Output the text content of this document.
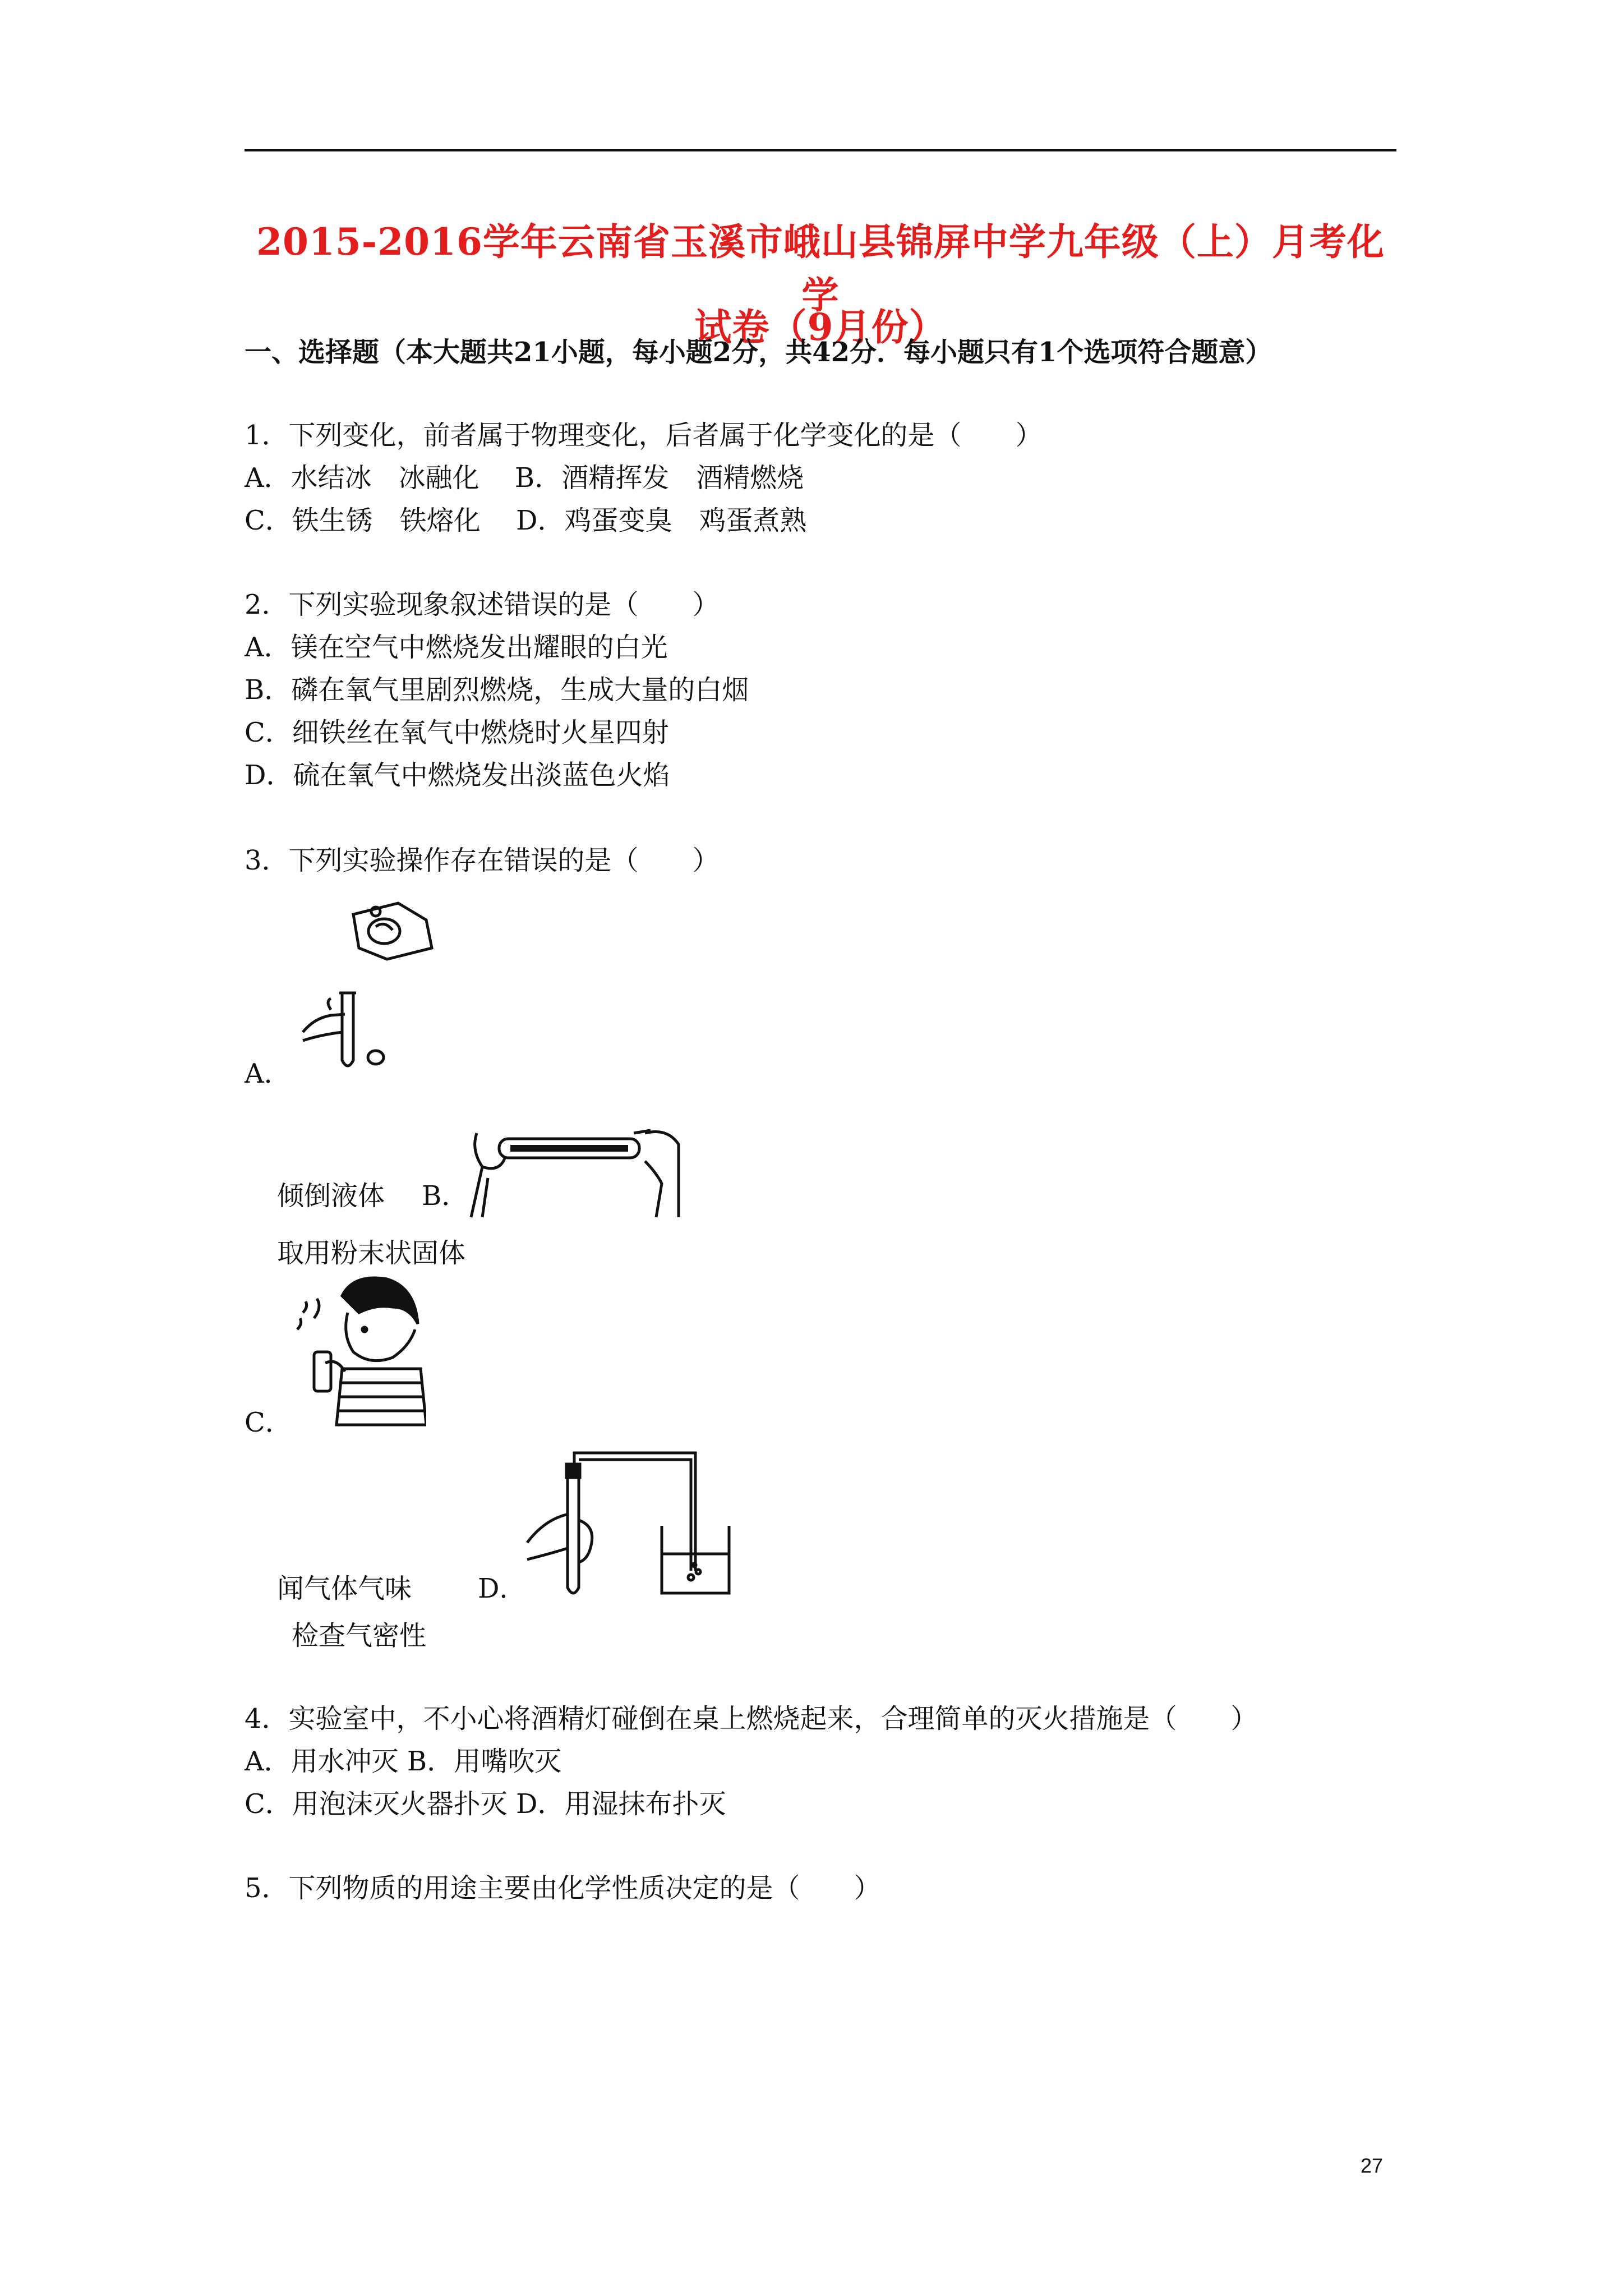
2015-2016学年云南省玉溪市峨山县锦屏中学九年级（上）月考化学
试卷（9月份）
一、选择题（本大题共21小题，每小题2分，共42分．每小题只有1个选项符合题意）
1．下列变化，前者属于物理变化，后者属于化学变化的是（　　）
A．水结冰　冰融化　 B．酒精挥发　酒精燃烧
C．铁生锈　铁熔化　 D．鸡蛋变臭　鸡蛋煮熟
2．下列实验现象叙述错误的是（　　）
A．镁在空气中燃烧发出耀眼的白光
B．磷在氧气里剧烈燃烧，生成大量的白烟
C．细铁丝在氧气中燃烧时火星四射
D．硫在氧气中燃烧发出淡蓝色火焰
3．下列实验操作存在错误的是（　　）
A．
倾倒液体 B．
取用粉末状固体
C．
闻气体气味 D．
检查气密性
4．实验室中，不小心将酒精灯碰倒在桌上燃烧起来，合理简单的灭火措施是（　　）
A．用水冲灭 B．用嘴吹灭
C．用泡沫灭火器扑灭 D．用湿抹布扑灭
5．下列物质的用途主要由化学性质决定的是（　　）
27
